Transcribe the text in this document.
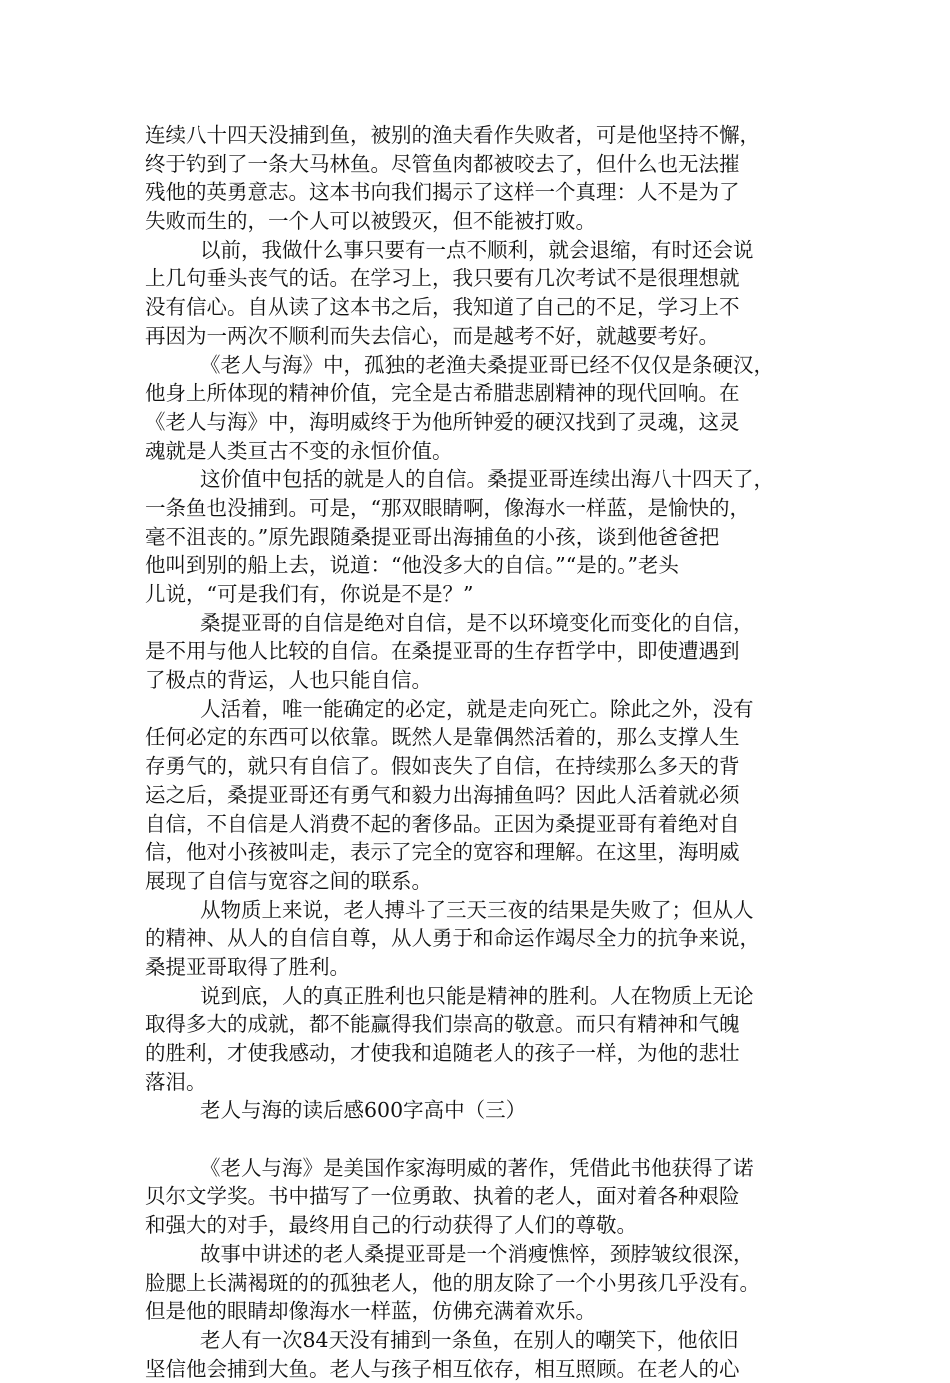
连续八十四天没捕到鱼，被别的渔夫看作失败者，可是他坚持不懈，
终于钓到了一条大马林鱼。尽管鱼肉都被咬去了，但什么也无法摧
残他的英勇意志。这本书向我们揭示了这样一个真理：人不是为了
失败而生的，一个人可以被毁灭，但不能被打败。
以前，我做什么事只要有一点不顺利，就会退缩，有时还会说
上几句垂头丧气的话。在学习上，我只要有几次考试不是很理想就
没有信心。自从读了这本书之后，我知道了自己的不足，学习上不
再因为一两次不顺利而失去信心，而是越考不好，就越要考好。
《老人与海》中，孤独的老渔夫桑提亚哥已经不仅仅是条硬汉，
他身上所体现的精神价值，完全是古希腊悲剧精神的现代回响。在
《老人与海》中，海明威终于为他所钟爱的硬汉找到了灵魂，这灵
魂就是人类亘古不变的永恒价值。
这价值中包括的就是人的自信。桑提亚哥连续出海八十四天了，
一条鱼也没捕到。可是，“那双眼睛啊，像海水一样蓝，是愉快的，
毫不沮丧的。”原先跟随桑提亚哥出海捕鱼的小孩，谈到他爸爸把
他叫到别的船上去，说道：“他没多大的自信。”“是的。”老头
儿说，“可是我们有，你说是不是？”
桑提亚哥的自信是绝对自信，是不以环境变化而变化的自信，
是不用与他人比较的自信。在桑提亚哥的生存哲学中，即使遭遇到
了极点的背运，人也只能自信。
人活着，唯一能确定的必定，就是走向死亡。除此之外，没有
任何必定的东西可以依靠。既然人是靠偶然活着的，那么支撑人生
存勇气的，就只有自信了。假如丧失了自信，在持续那么多天的背
运之后，桑提亚哥还有勇气和毅力出海捕鱼吗？因此人活着就必须
自信，不自信是人消费不起的奢侈品。正因为桑提亚哥有着绝对自
信，他对小孩被叫走，表示了完全的宽容和理解。在这里，海明威
展现了自信与宽容之间的联系。
从物质上来说，老人搏斗了三天三夜的结果是失败了；但从人
的精神、从人的自信自尊，从人勇于和命运作竭尽全力的抗争来说，
桑提亚哥取得了胜利。
说到底，人的真正胜利也只能是精神的胜利。人在物质上无论
取得多大的成就，都不能赢得我们崇高的敬意。而只有精神和气魄
的胜利，才使我感动，才使我和追随老人的孩子一样，为他的悲壮
落泪。
老人与海的读后感600字高中（三）
《老人与海》是美国作家海明威的著作，凭借此书他获得了诺
贝尔文学奖。书中描写了一位勇敢、执着的老人，面对着各种艰险
和强大的对手，最终用自己的行动获得了人们的尊敬。
故事中讲述的老人桑提亚哥是一个消瘦憔悴，颈脖皱纹很深，
脸腮上长满褐斑的的孤独老人，他的朋友除了一个小男孩几乎没有。
但是他的眼睛却像海水一样蓝，仿佛充满着欢乐。
老人有一次84天没有捕到一条鱼，在别人的嘲笑下，他依旧
坚信他会捕到大鱼。老人与孩子相互依存，相互照顾。在老人的心
